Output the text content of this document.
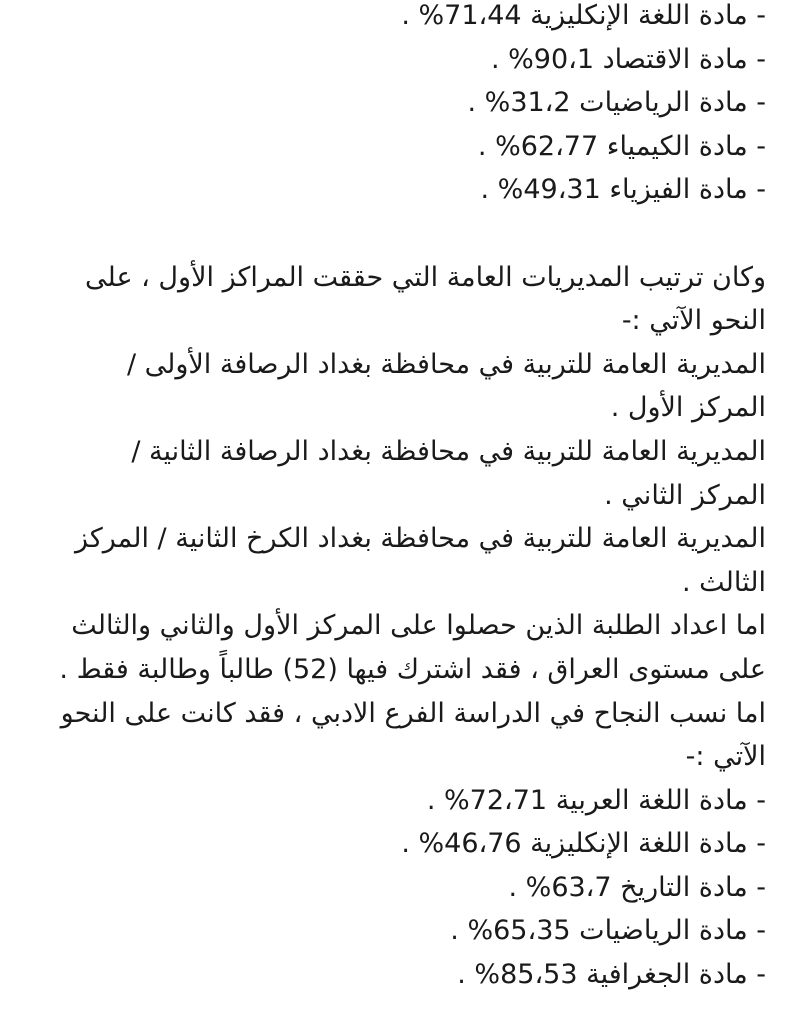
- مادة اللغة الإنكليزية 71،44% .
- مادة الاقتصاد 90،1% .
- مادة الرياضيات 31،2% .
- مادة الكيمياء 62،77% .
- مادة الفيزياء 49،31% .

وكان ترتيب المديريات العامة التي حققت المراكز الأول ، على النحو الآتي :-

المديرية العامة للتربية في محافظة بغداد الرصافة الأولى / المركز الأول .

المديرية العامة للتربية في محافظة بغداد الرصافة الثانية / المركز الثاني .

المديرية العامة للتربية في محافظة بغداد الكرخ الثانية / المركز الثالث .

اما اعداد الطلبة الذين حصلوا على المركز الأول والثاني والثالث على مستوى العراق ، فقد اشترك فيها (52) طالباً وطالبة فقط .

اما نسب النجاح في الدراسة الفرع الادبي ، فقد كانت على النحو الآتي :-

- مادة اللغة العربية 72،71% .
- مادة اللغة الإنكليزية 46،76% .
- مادة التاريخ 63،7% .
- مادة الرياضيات 65،35% .
- مادة الجغرافية 85،53% .
